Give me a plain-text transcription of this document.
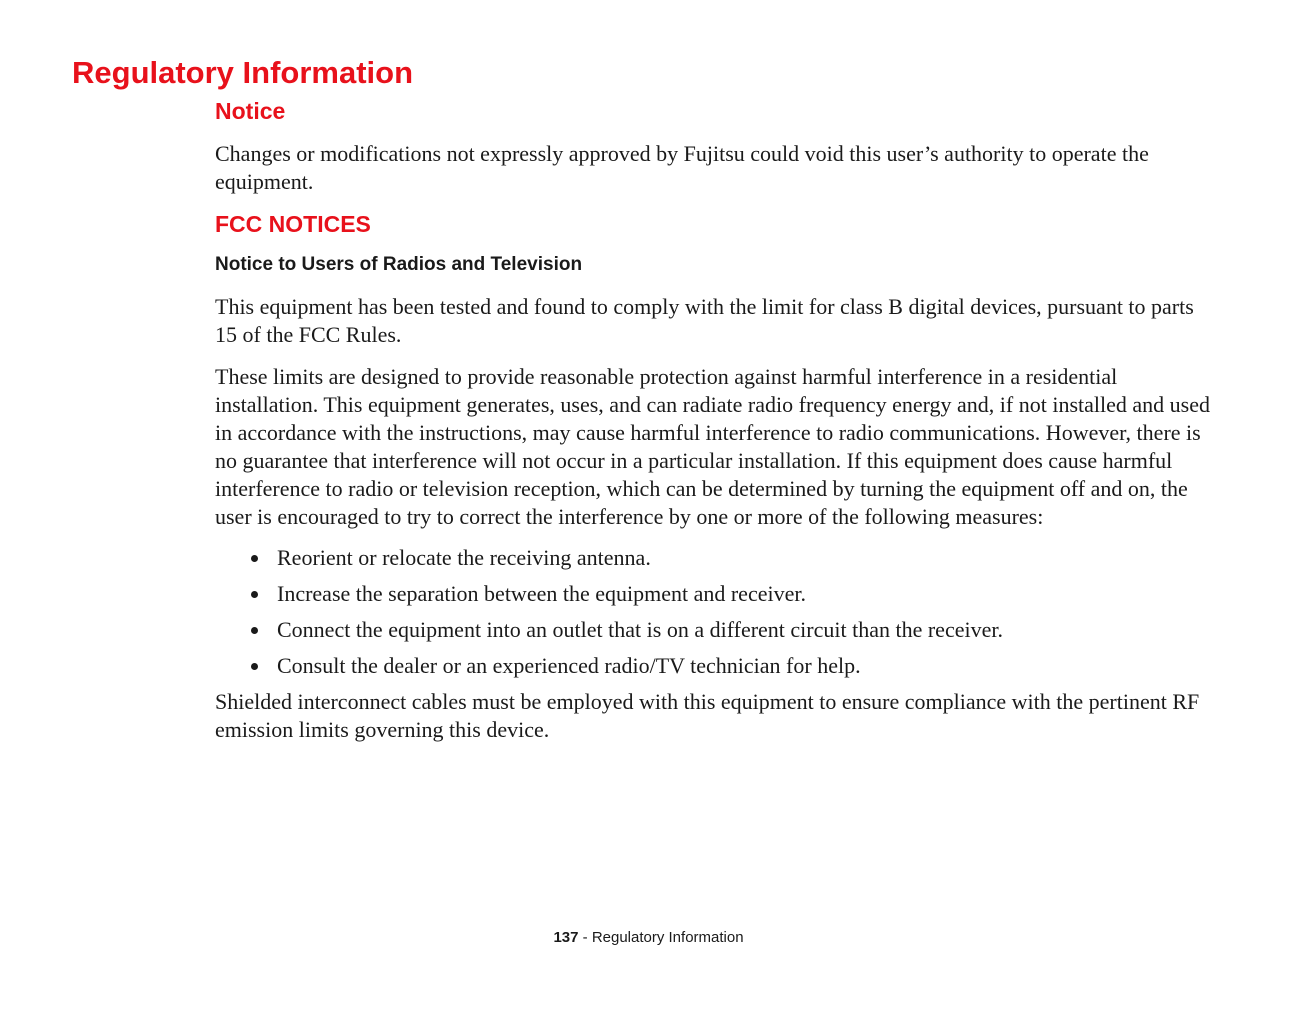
Regulatory Information
Notice

Changes or modifications not expressly approved by Fujitsu could void this user’s authority to operate the equipment.

FCC NOTICES
Notice to Users of Radios and Television

This equipment has been tested and found to comply with the limit for class B digital devices, pursuant to parts 15 of the FCC Rules.

These limits are designed to provide reasonable protection against harmful interference in a residential installation. This equipment generates, uses, and can radiate radio frequency energy and, if not installed and used in accordance with the instructions, may cause harmful interference to radio communications. However, there is no guarantee that interference will not occur in a particular installation. If this equipment does cause harmful interference to radio or television reception, which can be determined by turning the equipment off and on, the user is encouraged to try to correct the interference by one or more of the following measures:

Reorient or relocate the receiving antenna.
Increase the separation between the equipment and receiver.
Connect the equipment into an outlet that is on a different circuit than the receiver.
Consult the dealer or an experienced radio/TV technician for help.

Shielded interconnect cables must be employed with this equipment to ensure compliance with the pertinent RF emission limits governing this device.

137 - Regulatory Information
